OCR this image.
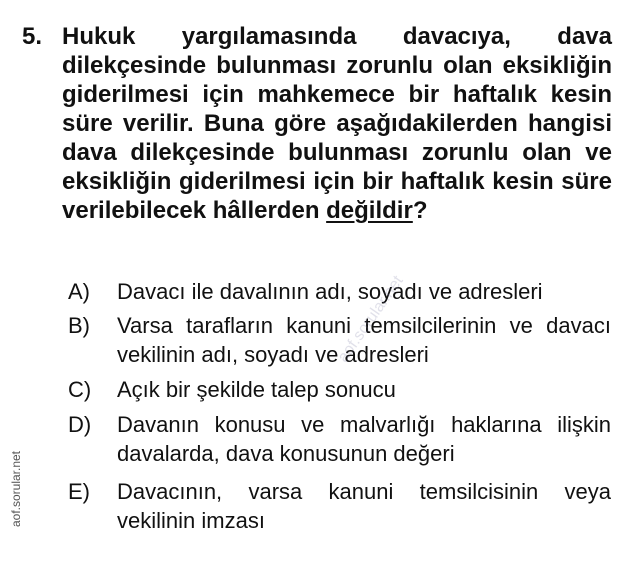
5. Hukuk yargılamasında davacıya, dava dilekçesinde bulunması zorunlu olan eksikliğin giderilmesi için mahkemece bir haftalık kesin süre verilir. Buna göre aşağıdakilerden hangisi dava dilekçesinde bulunması zorunlu olan ve eksikliğin giderilmesi için bir haftalık kesin süre verilebilecek hâllerden değildir?
A) Davacı ile davalının adı, soyadı ve adresleri
B) Varsa tarafların kanuni temsilcilerinin ve davacı vekilinin adı, soyadı ve adresleri
C) Açık bir şekilde talep sonucu
D) Davanın konusu ve malvarlığı haklarına ilişkin davalarda, dava konusunun değeri
E) Davacının, varsa kanuni temsilcisinin veya vekilinin imzası
aof.sorular.net
aof.sorular.net
